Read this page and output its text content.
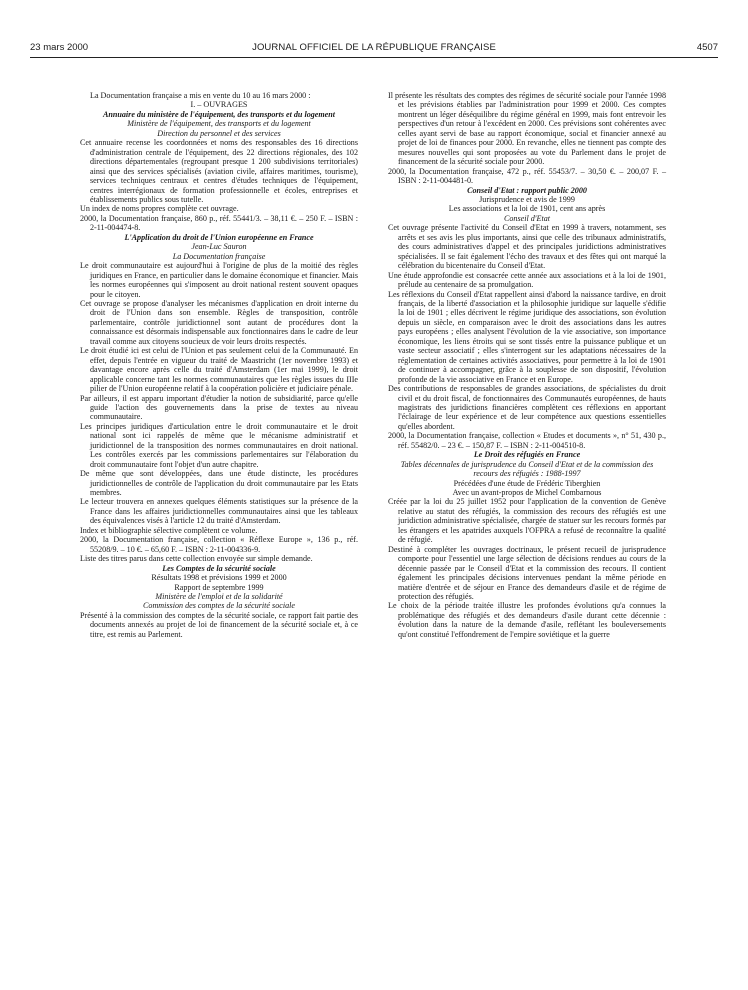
23 mars 2000	JOURNAL OFFICIEL DE LA RÉPUBLIQUE FRANÇAISE	4507

La Documentation française a mis en vente du 10 au 16 mars 2000 :

I. – OUVRAGES

Annuaire du ministère de l'équipement, des transports et du logement

Ministère de l'équipement, des transports et du logement

Direction du personnel et des services

Cet annuaire recense les coordonnées et noms des responsables des 16 directions d'administration centrale de l'équipement, des 22 directions régionales, des 102 directions départementales (regroupant presque 1 200 subdivisions territoriales) ainsi que des services spécialisés (aviation civile, affaires maritimes, tourisme), services techniques centraux et centres d'études techniques de l'équipement, centres interrégionaux de formation professionnelle et écoles, entreprises et établissements publics sous tutelle.

Un index de noms propres complète cet ouvrage.

2000, la Documentation française, 860 p., réf. 55441/3. – 38,11 €. – 250 F. – ISBN : 2-11-004474-8.

L'Application du droit de l'Union européenne en France

Jean-Luc Sauron

La Documentation française

Le droit communautaire est aujourd'hui à l'origine de plus de la moitié des règles juridiques en France, en particulier dans le domaine économique et financier. Mais les normes européennes qui s'imposent au droit national restent souvent opaques pour le citoyen.

Cet ouvrage se propose d'analyser les mécanismes d'application en droit interne du droit de l'Union dans son ensemble. Règles de transposition, contrôle parlementaire, contrôle juridictionnel sont autant de procédures dont la connaissance est désormais indispensable aux fonctionnaires dans le cadre de leur travail comme aux citoyens soucieux de voir leurs droits respectés.

Le droit étudié ici est celui de l'Union et pas seulement celui de la Communauté. En effet, depuis l'entrée en vigueur du traité de Maastricht (1er novembre 1993) et davantage encore après celle du traité d'Amsterdam (1er mai 1999), le droit applicable concerne tant les normes communautaires que les règles issues du IIIe pilier de l'Union européenne relatif à la coopération policière et judiciaire pénale.

Par ailleurs, il est apparu important d'étudier la notion de subsidiarité, parce qu'elle guide l'action des gouvernements dans la prise de textes au niveau communautaire.

Les principes juridiques d'articulation entre le droit communautaire et le droit national sont ici rappelés de même que le mécanisme administratif et juridictionnel de la transposition des normes communautaires en droit national. Les contrôles exercés par les commissions parlementaires sur l'élaboration du droit communautaire font l'objet d'un autre chapitre.

De même que sont développées, dans une étude distincte, les procédures juridictionnelles de contrôle de l'application du droit communautaire par les Etats membres.

Le lecteur trouvera en annexes quelques éléments statistiques sur la présence de la France dans les affaires juridictionnelles communautaires ainsi que les tableaux des équivalences visés à l'article 12 du traité d'Amsterdam.

Index et bibliographie sélective complètent ce volume.

2000, la Documentation française, collection « Réflexe Europe », 136 p., réf. 55208/9. – 10 €. – 65,60 F. – ISBN : 2-11-004336-9.

Liste des titres parus dans cette collection envoyée sur simple demande.

Les Comptes de la sécurité sociale

Résultats 1998 et prévisions 1999 et 2000

Rapport de septembre 1999

Ministère de l'emploi et de la solidarité

Commission des comptes de la sécurité sociale

Présenté à la commission des comptes de la sécurité sociale, ce rapport fait partie des documents annexés au projet de loi de financement de la sécurité sociale et, à ce titre, est remis au Parlement.

Il présente les résultats des comptes des régimes de sécurité sociale pour l'année 1998 et les prévisions établies par l'administration pour 1999 et 2000. Ces comptes montrent un léger déséquilibre du régime général en 1999, mais font entrevoir les perspectives d'un retour à l'excédent en 2000. Ces prévisions sont cohérentes avec celles ayant servi de base au rapport économique, social et financier annexé au projet de loi de finances pour 2000. En revanche, elles ne tiennent pas compte des mesures nouvelles qui sont proposées au vote du Parlement dans le projet de financement de la sécurité sociale pour 2000.

2000, la Documentation française, 472 p., réf. 55453/7. – 30,50 €. – 200,07 F. – ISBN : 2-11-004481-0.

Conseil d'Etat : rapport public 2000

Jurisprudence et avis de 1999

Les associations et la loi de 1901, cent ans après

Conseil d'Etat

Cet ouvrage présente l'activité du Conseil d'Etat en 1999 à travers, notamment, ses arrêts et ses avis les plus importants, ainsi que celle des tribunaux administratifs, des cours administratives d'appel et des principales juridictions administratives spécialisées. Il se fait également l'écho des travaux et des fêtes qui ont marqué la célébration du bicentenaire du Conseil d'Etat.

Une étude approfondie est consacrée cette année aux associations et à la loi de 1901, prélude au centenaire de sa promulgation.

Les réflexions du Conseil d'Etat rappellent ainsi d'abord la naissance tardive, en droit français, de la liberté d'association et la philosophie juridique sur laquelle s'édifie la loi de 1901 ; elles décrivent le régime juridique des associations, son évolution depuis un siècle, en comparaison avec le droit des associations dans les autres pays européens ; elles analysent l'évolution de la vie associative, son importance économique, les liens étroits qui se sont tissés entre la puissance publique et un vaste secteur associatif ; elles s'interrogent sur les adaptations nécessaires de la réglementation de certaines activités associatives, pour permettre à la loi de 1901 de continuer à accompagner, grâce à la souplesse de son dispositif, l'évolution profonde de la vie associative en France et en Europe.

Des contributions de responsables de grandes associations, de spécialistes du droit civil et du droit fiscal, de fonctionnaires des Communautés européennes, de hauts magistrats des juridictions financières complètent ces réflexions en apportant l'éclairage de leur expérience et de leur compétence aux questions essentielles qu'elles abordent.

2000, la Documentation française, collection « Etudes et documents », n° 51, 430 p., réf. 55482/0. – 23 €. – 150,87 F. – ISBN : 2-11-004510-8.

Le Droit des réfugiés en France

Tables décennales de jurisprudence du Conseil d'Etat et de la commission des recours des réfugiés : 1988-1997

Précédées d'une étude de Frédéric Tiberghien

Avec un avant-propos de Michel Combarnous

Créée par la loi du 25 juillet 1952 pour l'application de la convention de Genève relative au statut des réfugiés, la commission des recours des réfugiés est une juridiction administrative spécialisée, chargée de statuer sur les recours formés par les étrangers et les apatrides auxquels l'OFPRA a refusé de reconnaître la qualité de réfugié.

Destiné à compléter les ouvrages doctrinaux, le présent recueil de jurisprudence comporte pour l'essentiel une large sélection de décisions rendues au cours de la décennie passée par le Conseil d'Etat et la commission des recours. Il contient également les principales décisions intervenues pendant la même période en matière d'entrée et de séjour en France des demandeurs d'asile et de régime de protection des réfugiés.

Le choix de la période traitée illustre les profondes évolutions qu'a connues la problématique des réfugiés et des demandeurs d'asile durant cette décennie : évolution dans la nature de la demande d'asile, reflétant les bouleversements qu'ont constitué l'effondrement de l'empire soviétique et la guerre
